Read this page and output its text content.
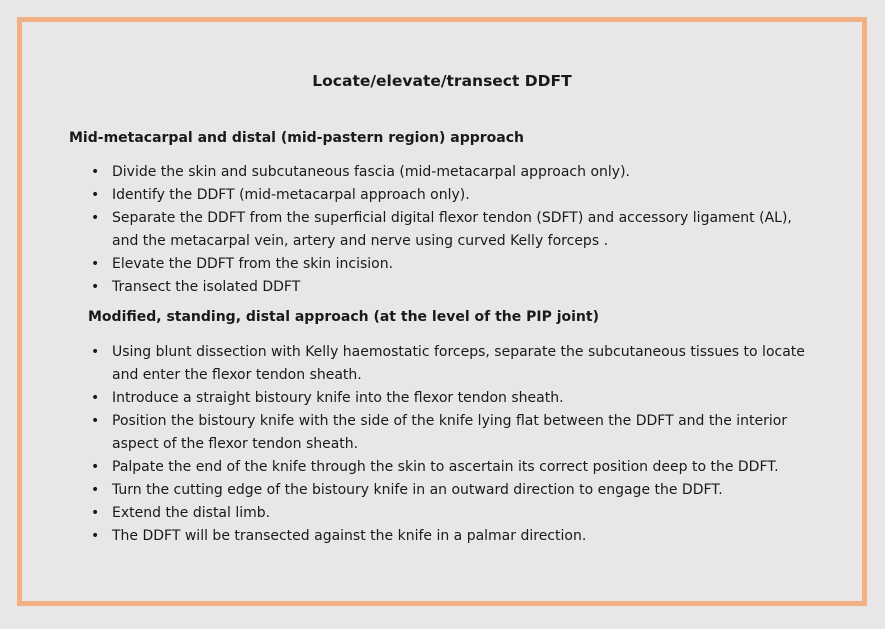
Locate/elevate/transect DDFT
Mid-metacarpal and distal (mid-pastern region) approach
• Divide the skin and subcutaneous fascia (mid-metacarpal approach only).
• Identify the DDFT (mid-metacarpal approach only).
• Separate the DDFT from the superficial digital flexor tendon (SDFT) and accessory ligament (AL), and the metacarpal vein, artery and nerve using curved Kelly forceps .
• Elevate the DDFT from the skin incision.
• Transect the isolated DDFT
Modified, standing, distal approach (at the level of the PIP joint)
• Using blunt dissection with Kelly haemostatic forceps, separate the subcutaneous tissues to locate and enter the flexor tendon sheath.
• Introduce a straight bistoury knife into the flexor tendon sheath.
• Position the bistoury knife with the side of the knife lying flat between the DDFT and the interior aspect of the flexor tendon sheath.
• Palpate the end of the knife through the skin to ascertain its correct position deep to the DDFT.
• Turn the cutting edge of the bistoury knife in an outward direction to engage the DDFT.
• Extend the distal limb.
• The DDFT will be transected against the knife in a palmar direction.
